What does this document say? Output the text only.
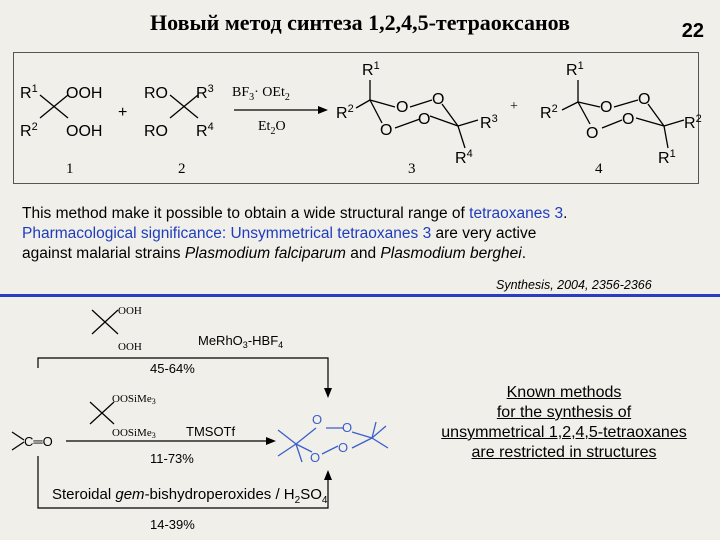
Новый метод синтеза 1,2,4,5-тетраоксанов	22
$R^1$
$R^2$
OOH
OOH
+
RO
RO
$R^3$
$R^4$
$BF_3\cdot OEt_2$
$Et_2O$
$R^1$
$R^2$	O O
O
O	$R^3$
$R^4$
+
$R^1$
$R^2$	O O
O
O	$R^2$
$R^1$
1	2	3	4
OOH
OOH	$MeRhO_3-HBF_4$
45-64%
C═O
OOSiMe3
OOSiMe3 TMSOTf
11-73%
O
O
O
O
This method make it possible to obtain a wide structural range of tetraoxanes 3.
Pharmacological significance: Unsymmetrical tetraoxanes 3 are very active
against malarial strains Plasmodium falciparum and Plasmodium berghei.
Synthesis, 2004, 2356-2366
Steroidal gem-bishydroperoxides / $H_2SO_4$
14-39%
Known methods
for the synthesis of
unsymmetrical 1,2,4,5-tetraoxanes
are restricted in structures
